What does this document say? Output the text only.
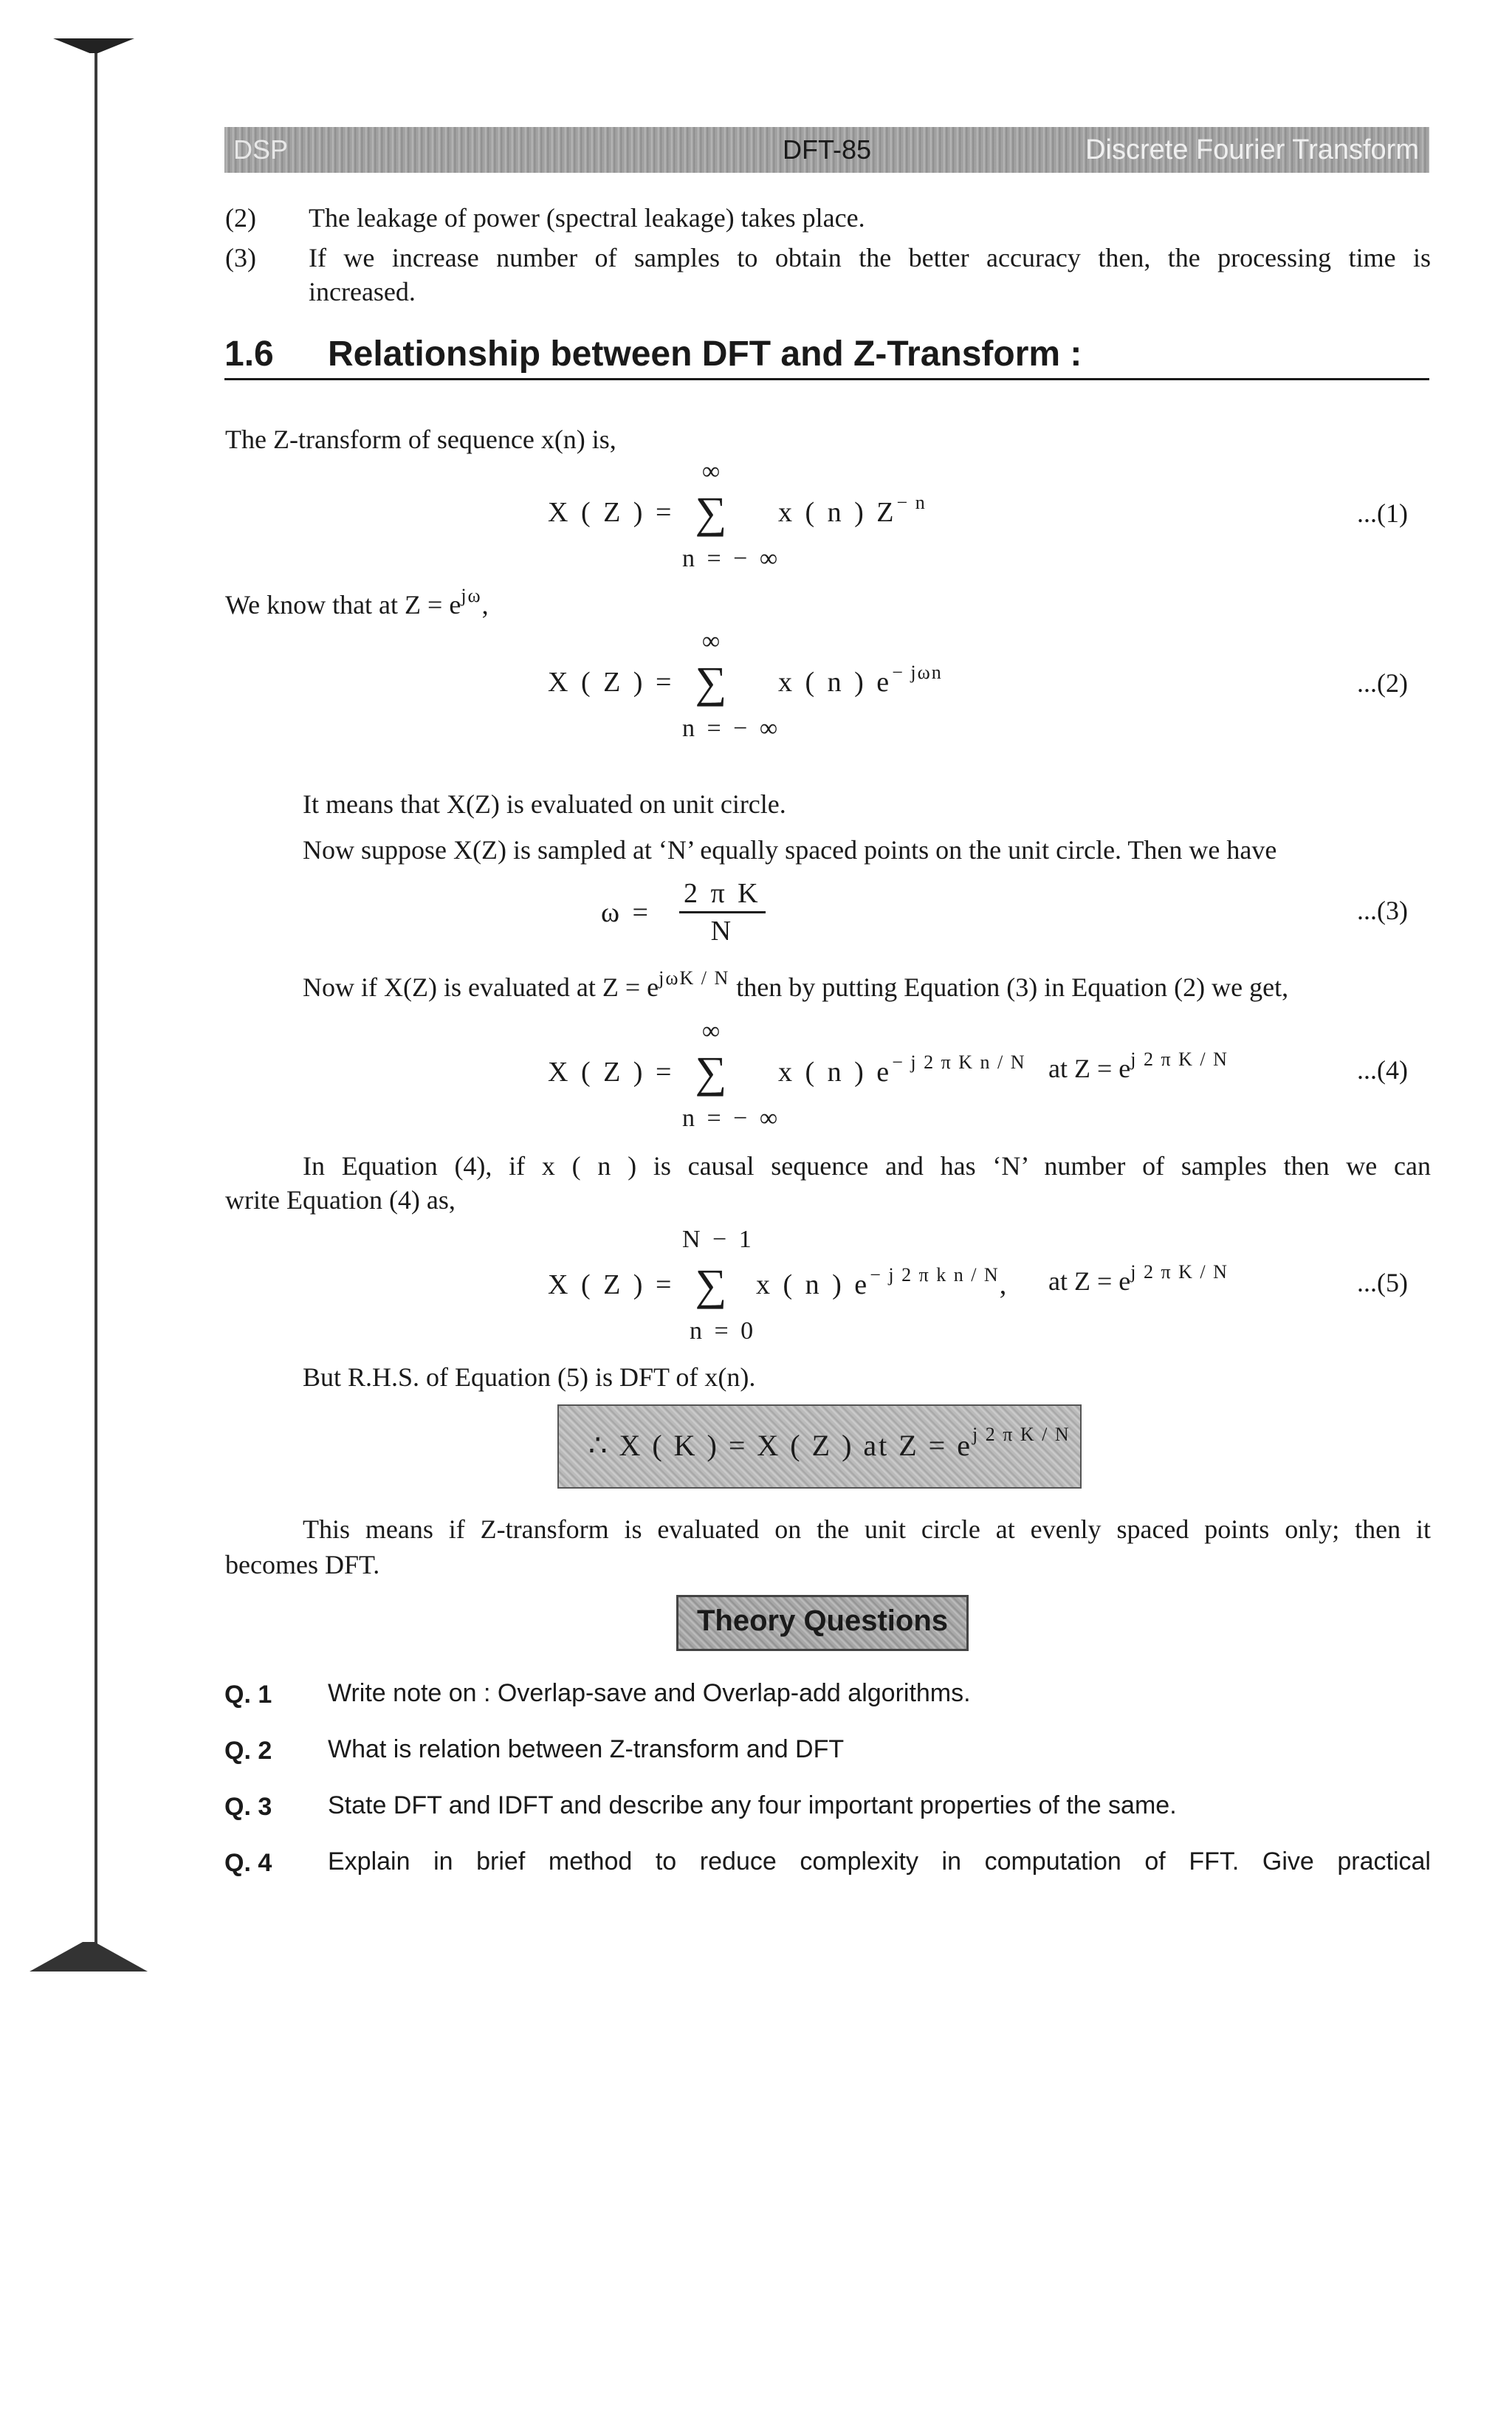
DSP	DFT-85	Discrete Fourier Transform
(2)	The leakage of power (spectral leakage) takes place.
(3)	If we increase number of samples to obtain the better accuracy then, the processing time is
increased.
1.6 Relationship between DFT and Z-Transform :
The Z-transform of sequence x(n) is,
X ( Z ) =
∞
∑
n = − ∞
x ( n ) $Z^{- n}$	...(1)
We know that at $Z = e^{j\omega}$,
X ( Z ) =
∞
∑
n = − ∞
x ( n ) $e^{- j\omega n}$	...(2)
It means that X(Z) is evaluated on unit circle.
Now suppose X(Z) is sampled at ‘N’ equally spaced points on the unit circle. Then we have
$\omega = \frac{\text{2 π K}}{N}$	...(3)
Now if X(Z) is evaluated at $Z = e^{j\omega K / N}$ then by putting Equation (3) in Equation (2) we get,
X ( Z ) =
∞
∑
n = − ∞
x ( n ) $e^{- j 2 \pi K n / N}$ at $Z = e^{j 2 \pi K / N}$	...(4)
In Equation (4), if x ( n ) is causal sequence and has ‘N’ number of samples then we can
write Equation (4) as,
X ( Z ) =
N − 1
∑
n = 0
x ( n ) $e^{- j 2 \pi k n / N}$, at $Z = e^{j 2 \pi K / N}$	...(5)
But R.H.S. of Equation (5) is DFT of x(n).
∴ X ( K ) = X ( Z ) at $Z = e^{j 2 \pi K / N}$
This means if Z-transform is evaluated on the unit circle at evenly spaced points only; then it
becomes DFT.
Theory Questions
Q. 1 Write note on : Overlap-save and Overlap-add algorithms.
Q. 2 What is relation between Z-transform and DFT
Q. 3 State DFT and IDFT and describe any four important properties of the same.
Q. 4 Explain in brief method to reduce complexity in computation of FFT. Give practical
